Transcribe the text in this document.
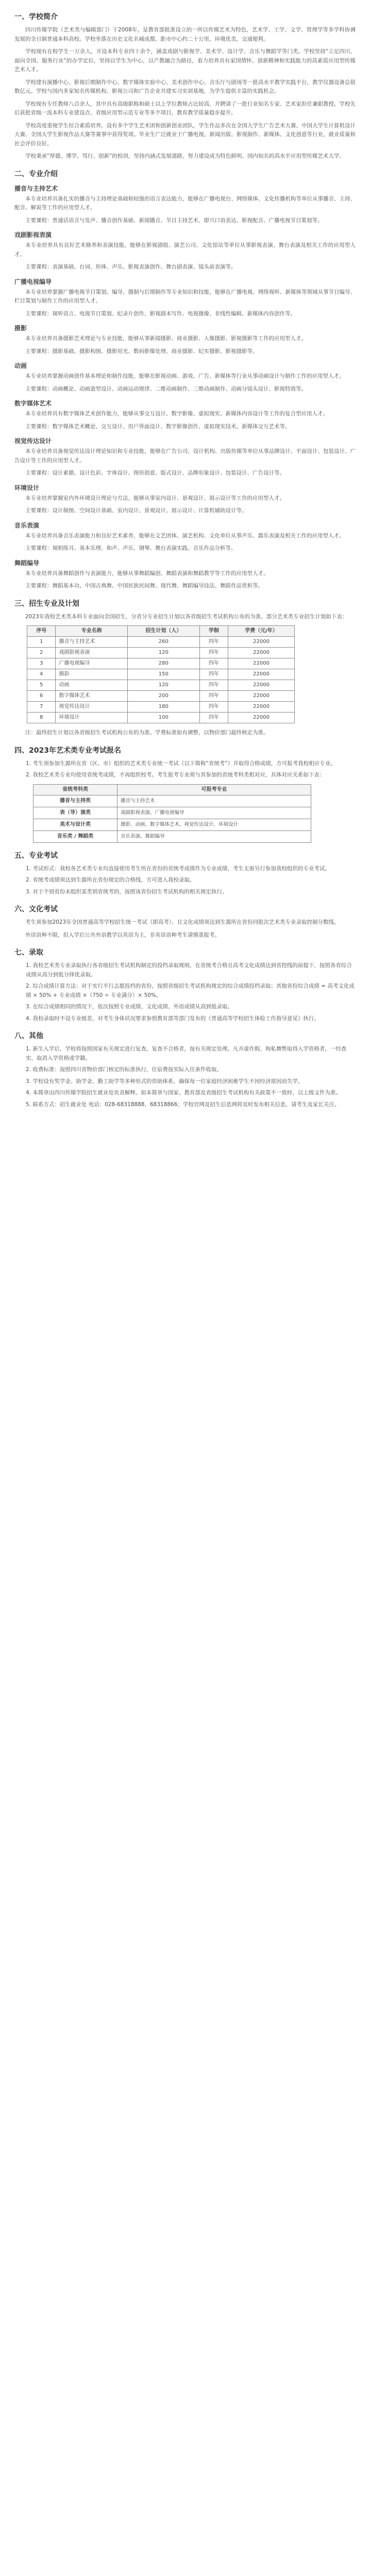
一、学校简介
四川传媒学院（艺术类与编辑部门）于2008年，是教育部批准设立的一所以传媒艺术为特色，艺术学、工学、文学、管理学等多学科协调发展的全日制普通本科高校。学校坐落在历史文化名城成都，距市中心约二十公里，环境优美，交通便利。
学校现有在校学生一万余人，开设本科专业四十余个，涵盖戏剧与影视学、美术学、设计学、音乐与舞蹈学等门类。学校坚持“立足四川、面向全国、服务行业”的办学定位，坚持以学生为中心，以产教融合为路径，着力培养具有家国情怀、创新精神和实践能力的高素质应用型传媒艺术人才。
学校建有演播中心、影视后期制作中心、数字媒体实验中心、美术创作中心、音乐厅与剧场等一批高水平教学实践平台，教学仪器设备总值数亿元。学校与国内多家知名传媒机构、影视公司和广告企业共建实习实训基地，为学生提供丰富的实践机会。
学校现有专任教师八百余人，其中具有高级职称和硕士以上学位教师占比较高，并聘请了一批行业知名专家、艺术家担任兼职教授。学校先后获批省级一流本科专业建设点、省级应用型示范专业等多个项目，教育教学质量稳步提升。
学校高度重视学生综合素质培养，设有多个学生艺术团和创新创业团队，学生作品多次在全国大学生广告艺术大赛、中国大学生计算机设计大赛、全国大学生影视作品大赛等赛事中获得奖项。毕业生广泛就业于广播电视、新闻出版、影视制作、新媒体、文化创意等行业，就业质量和社会评价良好。
学校秉承“厚德、博学、笃行、创新”的校训，坚持内涵式发展道路，努力建设成为特色鲜明、国内知名的高水平应用型传媒艺术大学。
二、专业介绍
播音与主持艺术
本专业培养具备扎实的播音与主持理论基础和较强的语言表达能力，能够在广播电视台、网络媒体、文化传播机构等单位从事播音、主持、配音、解说等工作的应用型人才。
主要课程：普通话语音与发声、播音创作基础、新闻播音、节目主持艺术、即兴口语表达、影视配音、广播电视节目策划等。
戏剧影视表演
本专业培养具有良好艺术修养和表演技能，能够在影视剧组、演艺公司、文化馆站等单位从事影视表演、舞台表演及相关工作的应用型人才。
主要课程：表演基础、台词、形体、声乐、影视表演创作、舞台剧表演、镜头前表演等。
广播电视编导
本专业培养掌握广播电视节目策划、编导、摄制与后期制作等专业知识和技能，能够在广播电视、网络视听、新媒体等领域从事节目编导、栏目策划与制作工作的应用型人才。
主要课程：视听语言、电视节目策划、纪录片创作、影视剧本写作、电视摄像、非线性编辑、新媒体内容创作等。
摄影
本专业培养具备摄影艺术理论与专业技能，能够从事新闻摄影、商业摄影、人像摄影、影视摄影等工作的应用型人才。
主要课程：摄影基础、摄影构图、摄影用光、数码影像处理、商业摄影、纪实摄影、影视摄影等。
动画
本专业培养掌握动画创作基本理论和制作技能，能够在影视动画、游戏、广告、新媒体等行业从事动画设计与制作工作的应用型人才。
主要课程：动画概论、动画造型设计、动画运动规律、二维动画制作、三维动画制作、动画分镜头设计、影视特效等。
数字媒体艺术
本专业培养具有数字媒体艺术创作能力，能够从事交互设计、数字影像、虚拟现实、新媒体内容设计等工作的复合型应用人才。
主要课程：数字媒体艺术概论、交互设计、用户界面设计、数字影像创作、虚拟现实技术、新媒体交互艺术等。
视觉传达设计
本专业培养具备视觉传达设计理论知识和专业技能，能够在广告公司、设计机构、出版传媒等单位从事品牌设计、平面设计、包装设计、广告设计等工作的应用型人才。
主要课程：设计素描、设计色彩、字体设计、图形创意、版式设计、品牌形象设计、包装设计、广告设计等。
环境设计
本专业培养掌握室内外环境设计理论与方法，能够从事室内设计、景观设计、展示设计等工作的应用型人才。
主要课程：设计制图、空间设计基础、室内设计、景观设计、展示设计、计算机辅助设计等。
音乐表演
本专业培养具备音乐表演能力和良好艺术素养，能够在文艺团体、演艺机构、文化单位从事声乐、器乐表演及相关工作的应用型人才。
主要课程：视唱练耳、基本乐理、和声、声乐、钢琴、舞台表演实践、音乐作品分析等。
舞蹈编导
本专业培养具备舞蹈创作与表演能力，能够从事舞蹈编创、舞蹈表演和舞蹈教学等工作的应用型人才。
主要课程：舞蹈基本功、中国古典舞、中国民族民间舞、现代舞、舞蹈编导技法、舞蹈作品赏析等。
三、招生专业及计划
2023年我校艺术类本科专业面向全国招生，分省分专业招生计划以各省级招生考试机构公布的为准。部分艺术类专业招生计划如下表：
序号	专业名称	招生计划（人）	学制	学费（元/年）
1	播音与主持艺术	260	四年	22000
2	戏剧影视表演	120	四年	22000
3	广播电视编导	280	四年	22000
4	摄影	150	四年	22000
5	动画	120	四年	22000
6	数字媒体艺术	200	四年	22000
7	视觉传达设计	180	四年	22000
8	环境设计	100	四年	22000
注：最终招生计划以各省级招生考试机构公布的为准。学费标准如有调整，以物价部门最终核定为准。
四、2023年艺术类专业考试报名
1. 考生须参加生源所在省（区、市）组织的艺术类专业统一考试（以下简称“省统考”）并取得合格成绩，方可报考我校相应专业。
2. 我校艺术类专业均使用省统考成绩，不再组织校考。考生报考专业须与其参加的省统考科类相对应，具体对应关系如下表：
省统考科类	可报考专业
播音与主持类	播音与主持艺术
表（导）演类	戏剧影视表演、广播电视编导
美术与设计类	摄影、动画、数字媒体艺术、视觉传达设计、环境设计
音乐类 / 舞蹈类	音乐表演、舞蹈编导
五、专业考试
1. 考试形式：我校各艺术类专业均直接使用考生所在省份的省统考成绩作为专业成绩，考生无需另行参加我校组织的专业考试。
2. 省统考成绩须达到生源所在省份规定的合格线，方可进入我校录取。
3. 对于个别省份未组织某类别省统考的，按照该省份招生考试机构的相关规定执行。
六、文化考试
考生须参加2023年全国普通高等学校招生统一考试（即高考），且文化成绩须达到生源所在省份同批次艺术类专业录取控制分数线。
外语语种不限，但入学后公共外语教学以英语为主，非英语语种考生请慎重报考。
七、录取
1. 我校艺术类专业录取执行各省级招生考试机构制定的投档录取规则，在省统考合格且高考文化成绩达到省控线的前提下，按照各省综合成绩从高分到低分择优录取。
2. 综合成绩计算方法：对于实行平行志愿投档的省份，按照省级招生考试机构规定的综合成绩投档录取；其他省份综合成绩 = 高考文化成绩 × 50% + 专业成绩 ×（750 ÷ 专业满分）× 50%。
3. 在综合成绩相同的情况下，依次按照专业成绩、文化成绩、外语成绩从高到低录取。
4. 我校录取时不设专业级差，对考生身体状况要求参照教育部等部门发布的《普通高等学校招生体检工作指导意见》执行。
八、其他
1. 新生入学后，学校将按照国家有关规定进行复查，复查不合格者，按有关规定处理。凡弄虚作假、徇私舞弊取得入学资格者，一经查实，取消入学资格或学籍。
2. 收费标准：按照四川省物价部门核定的标准执行，住宿费按实际入住条件收取。
3. 学校设有奖学金、助学金、勤工助学等多种形式的资助体系，确保每一位家庭经济困难学生不因经济原因而失学。
4. 本简章由四川传媒学院招生就业处负责解释。如本简章与国家、教育部及省级招生考试机构有关政策不一致时，以上级文件为准。
5. 联系方式：招生就业处 电话：028-68318888、68318866；学校官网及招生信息网将及时发布相关信息，请考生及家长关注。
